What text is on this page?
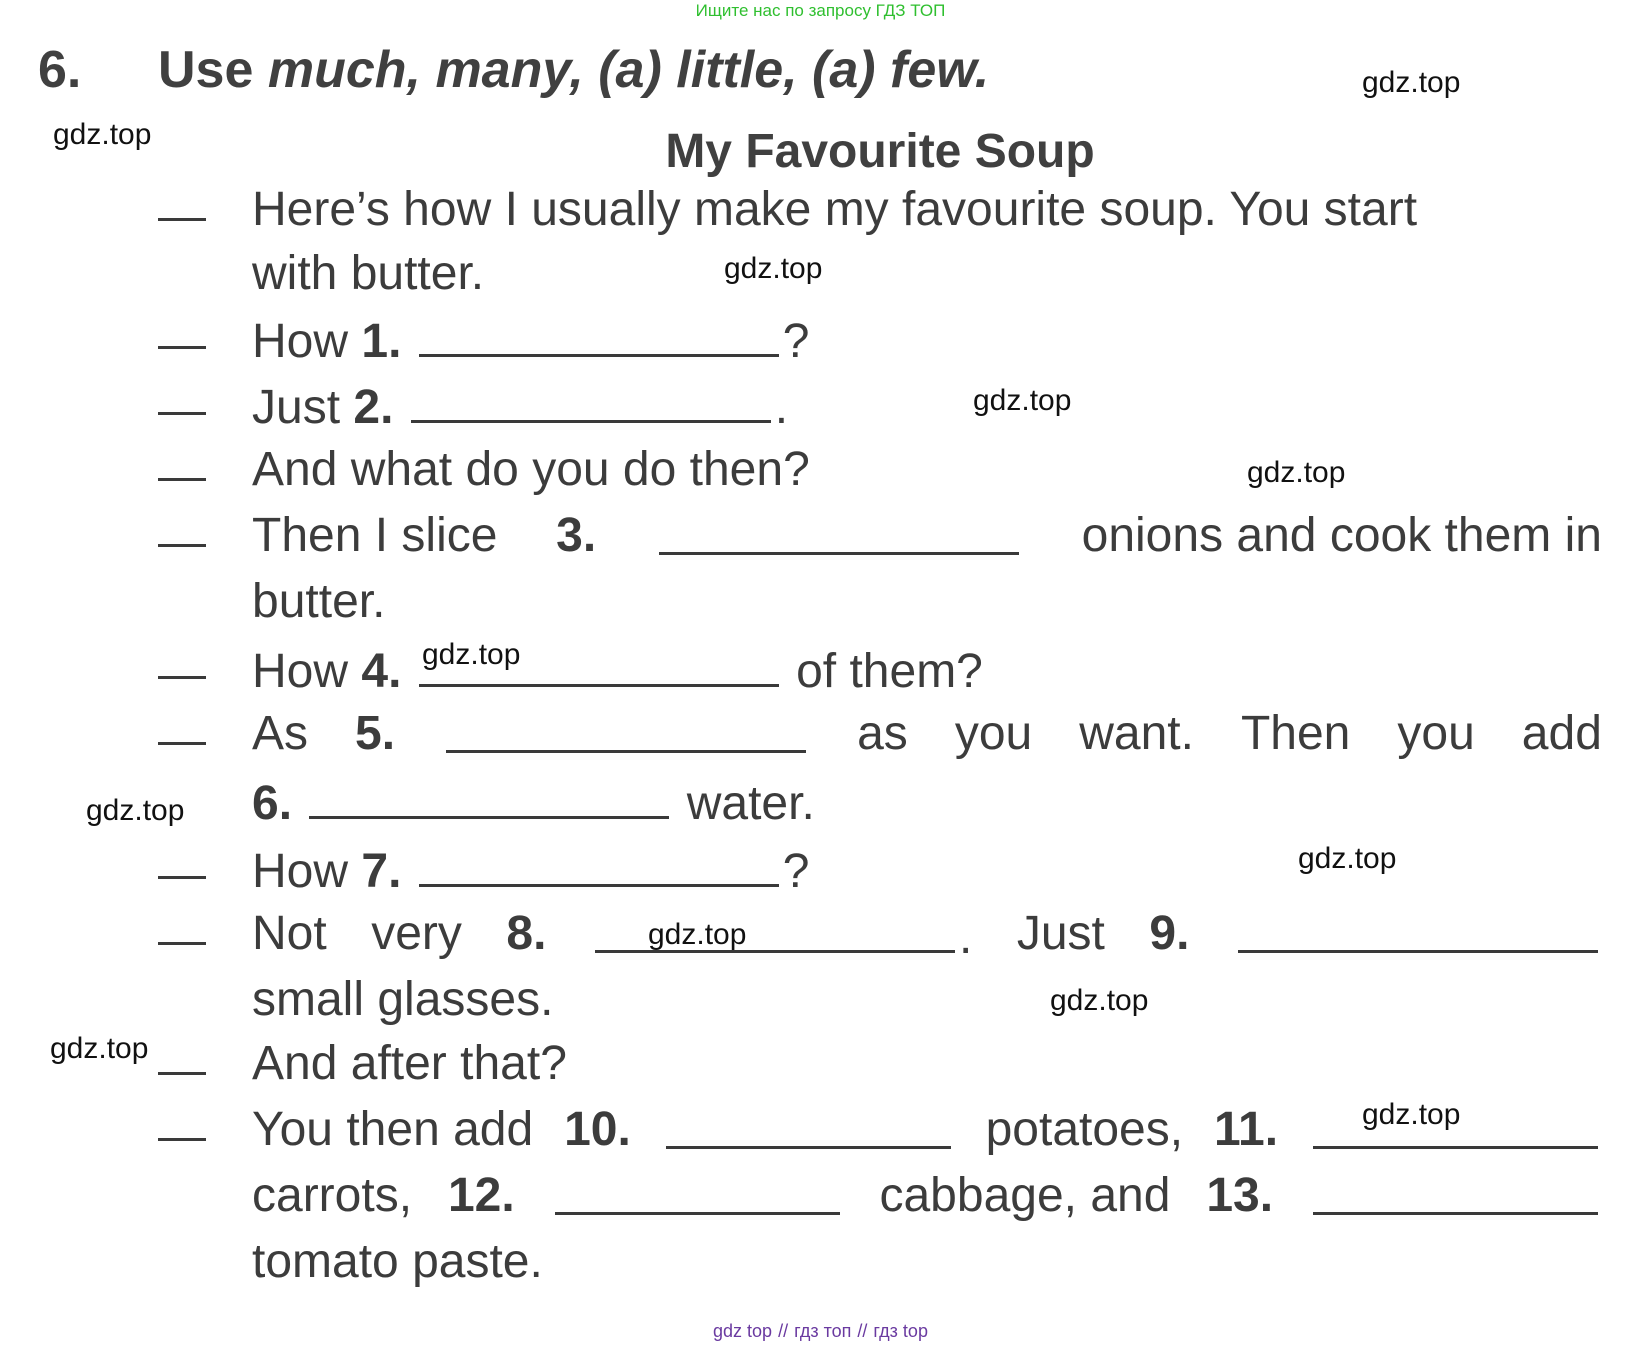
Ищите нас по запросу ГДЗ ТОП
6. Use much, many, (a) little, (a) few.
My Favourite Soup
Here’s how I usually make my favourite soup. You start
with butter.
How 1.	?
Just 2.	.
And what do you do then?
Then I slice 3.	onions and cook them in
butter.
How 4.	of them?
As 5.	as you want. Then you add
6.	water.
How 7.	?
Not very 8.	. Just 9.
small glasses.
And after that?
You then add 10.	potatoes, 11.
carrots, 12.	cabbage, and 13.
tomato paste.
gdz.top
gdz.top
gdz.top
gdz.top
gdz.top
gdz.top
gdz.top
gdz.top
gdz.top
gdz.top
gdz.top
gdz.top
gdz top // гдз топ // гдз top
